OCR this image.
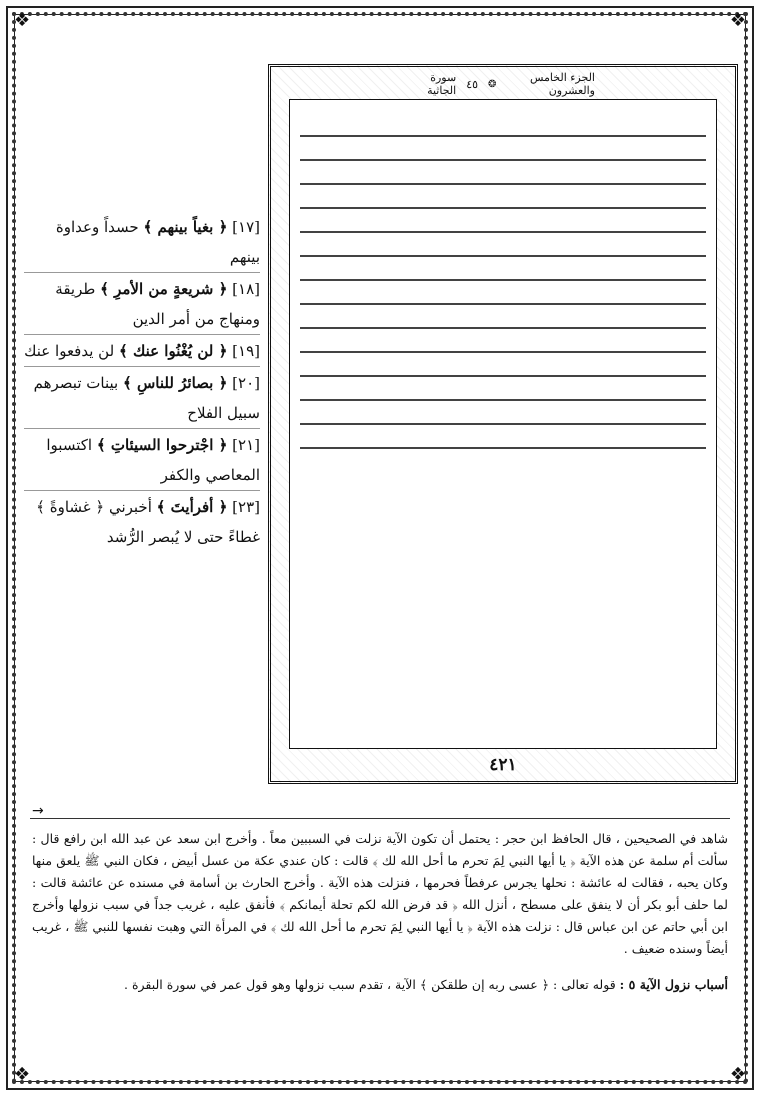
❖	❖
❖	❖
الجزء الخامس والعشرون
❂
٤٥
سورة الجاثية
٤٢١
[١٧] ﴿ بغياً بينهم ﴾ حسداً وعداوة بينهم
[١٨] ﴿ شريعةٍ من الأمرِ ﴾ طريقة ومنهاج من أمر الدين
[١٩] ﴿ لن يُغْنُوا عنك ﴾ لن يدفعوا عنك
[٢٠] ﴿ بصائرُ للناسِ ﴾ بينات تبصرهم سبيل الفلاح
[٢١] ﴿ اجْترحوا السيئاتِ ﴾ اكتسبوا المعاصي والكفر
[٢٣] ﴿ أفرأيتَ ﴾ أخبرني ﴿ غشاوةً ﴾ غطاءً حتى لا يُبصر الرُّشد
→

شاهد في الصحيحين ، قال الحافظ ابن حجر : يحتمل أن تكون الآية نزلت في السببين معاً . وأخرج ابن سعد عن عبد الله ابن رافع قال : سألت أم سلمة عن هذه الآية ﴿ يا أيها النبي لِمَ تحرم ما أحل الله لك ﴾ قالت : كان عندي عكة من عسل أبيض ، فكان النبي ﷺ يلعق منها وكان يحبه ، فقالت له عائشة : نحلها يجرس عرفطاً فحرمها ، فنزلت هذه الآية . وأخرج الحارث بن أسامة في مسنده عن عائشة قالت : لما حلف أبو بكر أن لا ينفق على مسطح ، أنزل الله ﴿ قد فرض الله لكم تحلة أيمانكم ﴾ فأنفق عليه ، غريب جداً في سبب نزولها وأخرج ابن أبي حاتم عن ابن عباس قال : نزلت هذه الآية ﴿ يا أيها النبي لِمَ تحرم ما أحل الله لك ﴾ في المرأة التي وهبت نفسها للنبي ﷺ ، غريب أيضاً وسنده ضعيف .

أسباب نزول الآية ٥ : قوله تعالى : ﴿ عسى ربه إن طلقكن ﴾ الآية ، تقدم سبب نزولها وهو قول عمر في سورة البقرة .
